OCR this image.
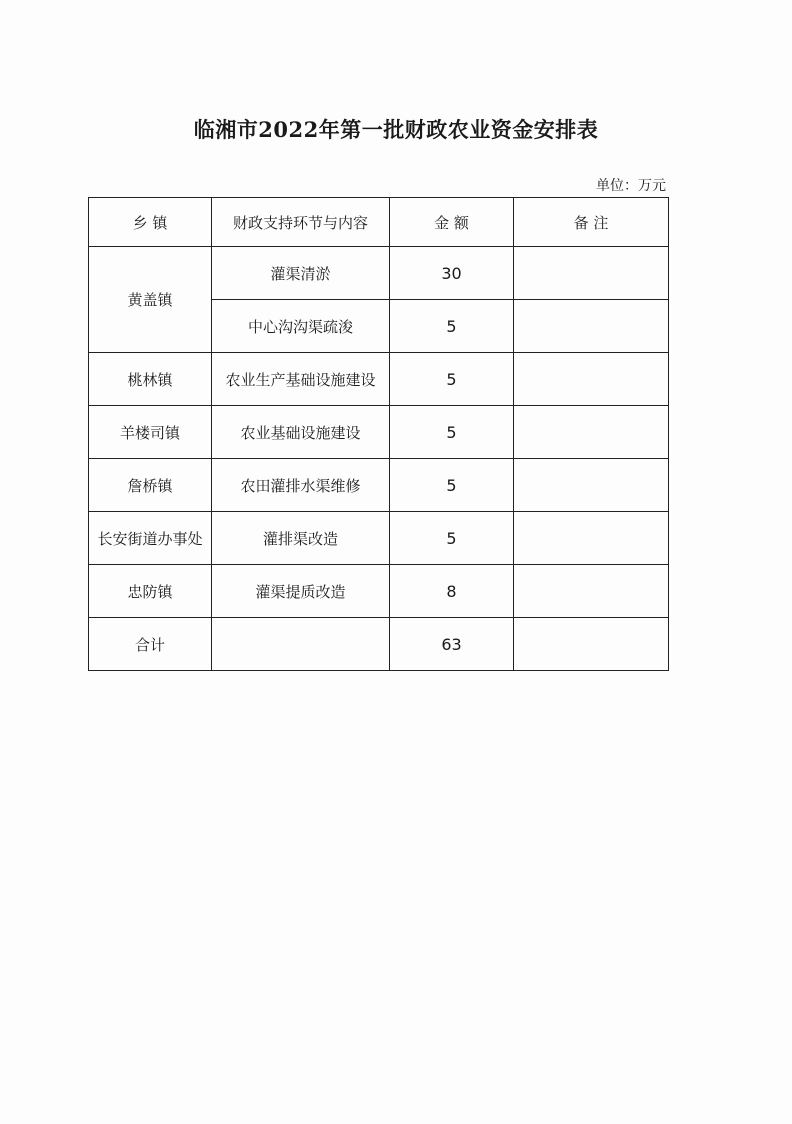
临湘市2022年第一批财政农业资金安排表
单位：万元
乡 镇	财政支持环节与内容	金 额	备 注
黄盖镇	灌渠清淤	30	
	中心沟沟渠疏浚	5	
桃林镇	农业生产基础设施建设	5	
羊楼司镇	农业基础设施建设	5	
詹桥镇	农田灌排水渠维修	5	
长安街道办事处	灌排渠改造	5	
忠防镇	灌渠提质改造	8	
合计		63	
